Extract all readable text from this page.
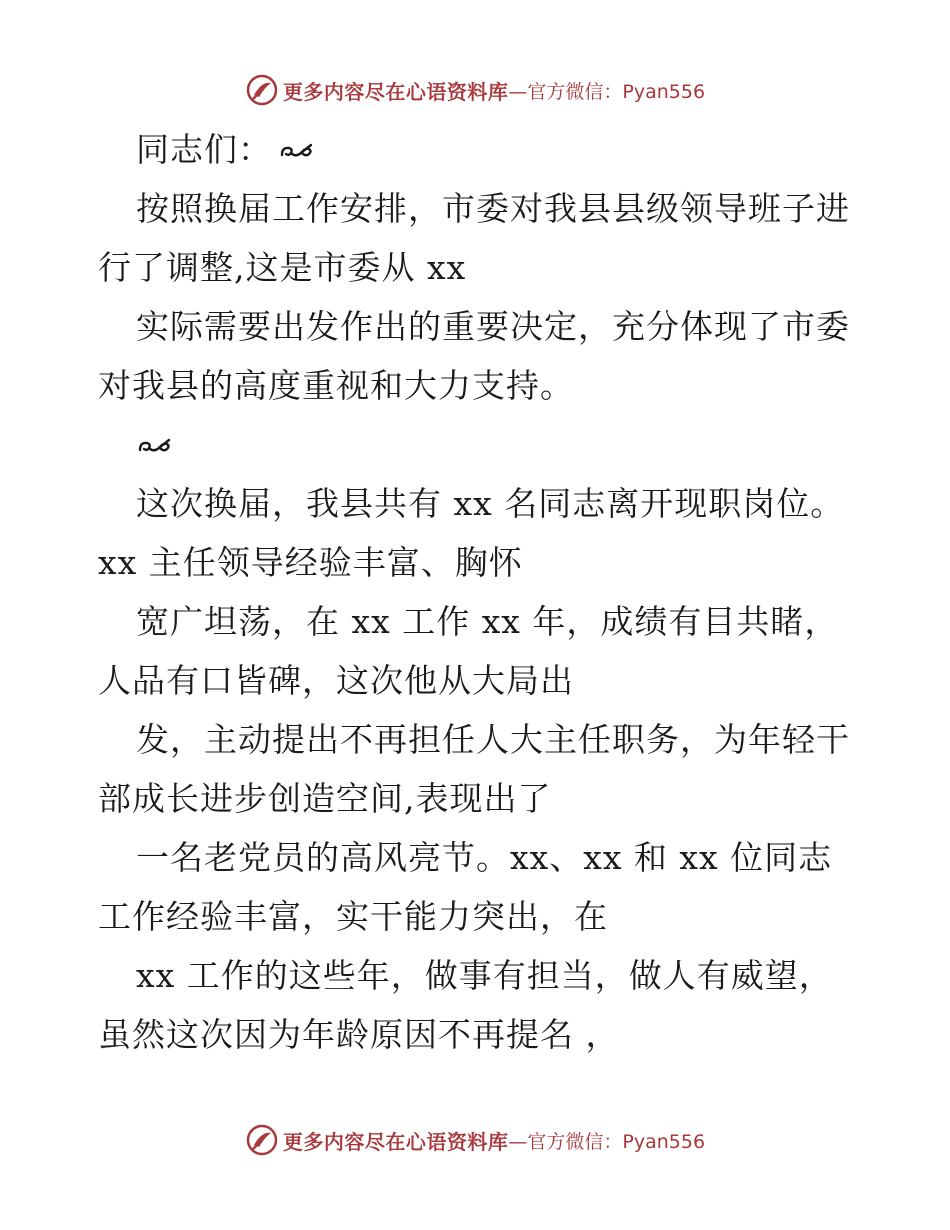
更多内容尽在心语资料库 —官方微信：Pyan556
同志们：
按照换届工作安排，市委对我县县级领导班子进
行了调整,这是市委从 xx
实际需要出发作出的重要决定，充分体现了市委
对我县的高度重视和大力支持。
这次换届，我县共有 xx 名同志离开现职岗位。
xx 主任领导经验丰富、胸怀
宽广坦荡，在 xx 工作 xx 年，成绩有目共睹，
人品有口皆碑，这次他从大局出
发，主动提出不再担任人大主任职务，为年轻干
部成长进步创造空间,表现出了
一名老党员的高风亮节。xx、xx 和 xx 位同志
工作经验丰富，实干能力突出，在
xx 工作的这些年，做事有担当，做人有威望，
虽然这次因为年龄原因不再提名 ，
更多内容尽在心语资料库 —官方微信：Pyan556
